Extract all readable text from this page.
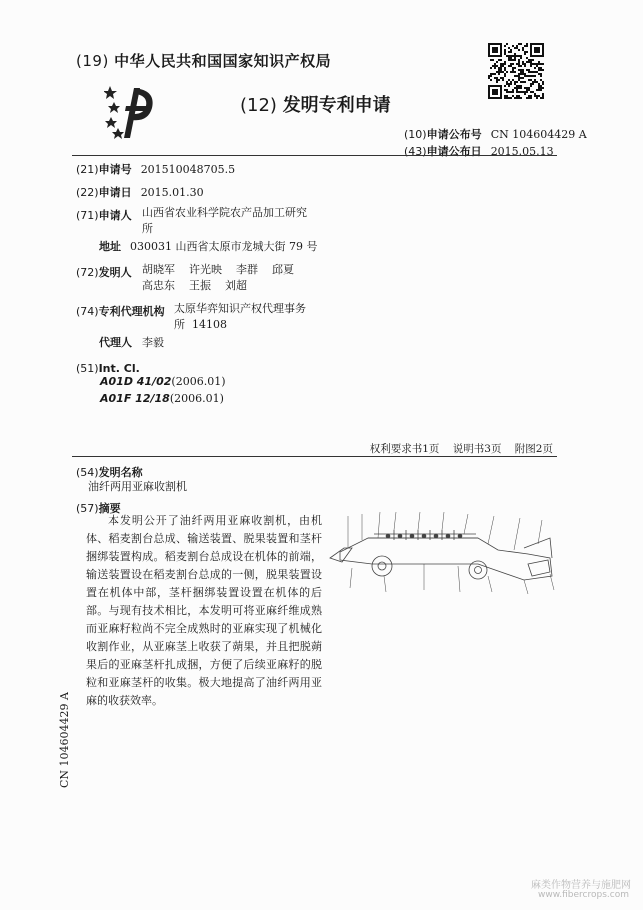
(19) 中华人民共和国国家知识产权局
(12) 发明专利申请
(10)申请公布号 CN 104604429 A
(43)申请公布日 2015.05.13
(21)申请号 201510048705.5
(22)申请日 2015.01.30
(71)申请人 山西省农业科学院农产品加工研究
所
地址 030031 山西省太原市龙城大街 79 号
(72)发明人 胡晓军    许光映    李群    邱夏
高忠东    王振    刘超
(74)专利代理机构 太原华弈知识产权代理事务
所  14108
代理人 李毅
(51)Int. Cl.
A01D 41/02(2006.01)
A01F 12/18(2006.01)
权利要求书1页    说明书3页    附图2页
(54)发明名称
油纤两用亚麻收割机
(57)摘要

本发明公开了油纤两用亚麻收割机，由机体、稻麦割台总成、输送装置、脱果装置和茎杆捆绑装置构成。稻麦割台总成设在机体的前端，输送装置设在稻麦割台总成的一侧，脱果装置设置在机体中部，茎杆捆绑装置设置在机体的后部。与现有技术相比，本发明可将亚麻纤维成熟而亚麻籽粒尚不完全成熟时的亚麻实现了机械化收割作业，从亚麻茎上收获了蒴果，并且把脱蒴果后的亚麻茎杆扎成捆，方便了后续亚麻籽的脱粒和亚麻茎杆的收集。极大地提高了油纤两用亚麻的收获效率。

CN 104604429 A
麻类作物营养与施肥网
www.fibercrops.com
